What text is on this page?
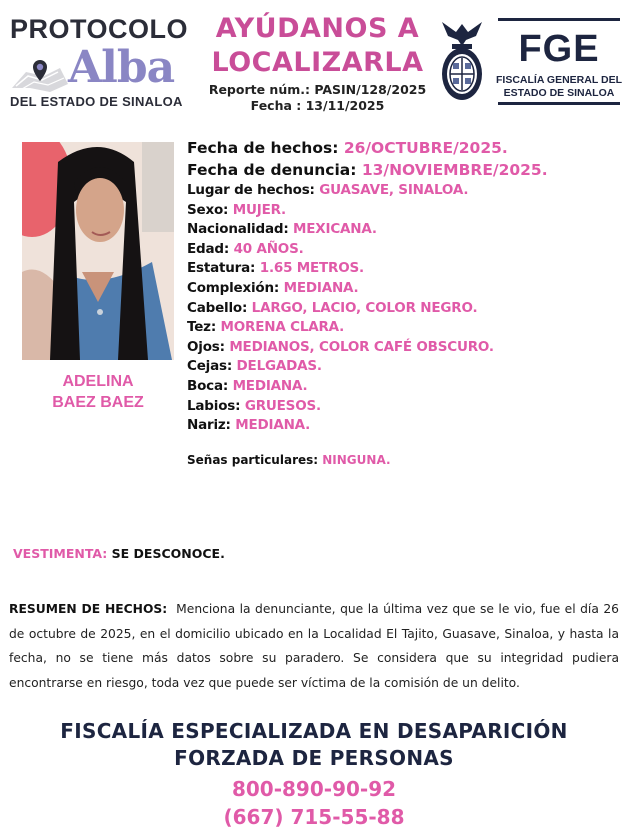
PROTOCOLO
Alba
DEL ESTADO DE SINALOA
AYÚDANOS A
LOCALIZARLA
Reporte núm.: PASIN/128/2025
Fecha : 13/11/2025
FGE
FISCALÍA GENERAL DEL
ESTADO DE SINALOA
ADELINA
BAEZ BAEZ
Fecha de hechos: 26/OCTUBRE/2025.
Fecha de denuncia: 13/NOVIEMBRE/2025.
Lugar de hechos: GUASAVE, SINALOA.
Sexo: MUJER.
Nacionalidad: MEXICANA.
Edad: 40 AÑOS.
Estatura: 1.65 METROS.
Complexión: MEDIANA.
Cabello: LARGO, LACIO, COLOR NEGRO.
Tez: MORENA CLARA.
Ojos: MEDIANOS, COLOR CAFÉ OBSCURO.
Cejas: DELGADAS.
Boca: MEDIANA.
Labios: GRUESOS.
Nariz: MEDIANA.
Señas particulares: NINGUNA.
VESTIMENTA: SE DESCONOCE.
RESUMEN DE HECHOS: Menciona la denunciante, que la última vez que se le vio, fue el día 26 de octubre de 2025, en el domicilio ubicado en la Localidad El Tajito, Guasave, Sinaloa, y hasta la fecha, no se tiene más datos sobre su paradero. Se considera que su integridad pudiera encontrarse en riesgo, toda vez que puede ser víctima de la comisión de un delito.
FISCALÍA ESPECIALIZADA EN DESAPARICIÓN
FORZADA DE PERSONAS
800-890-90-92
(667) 715-55-88
